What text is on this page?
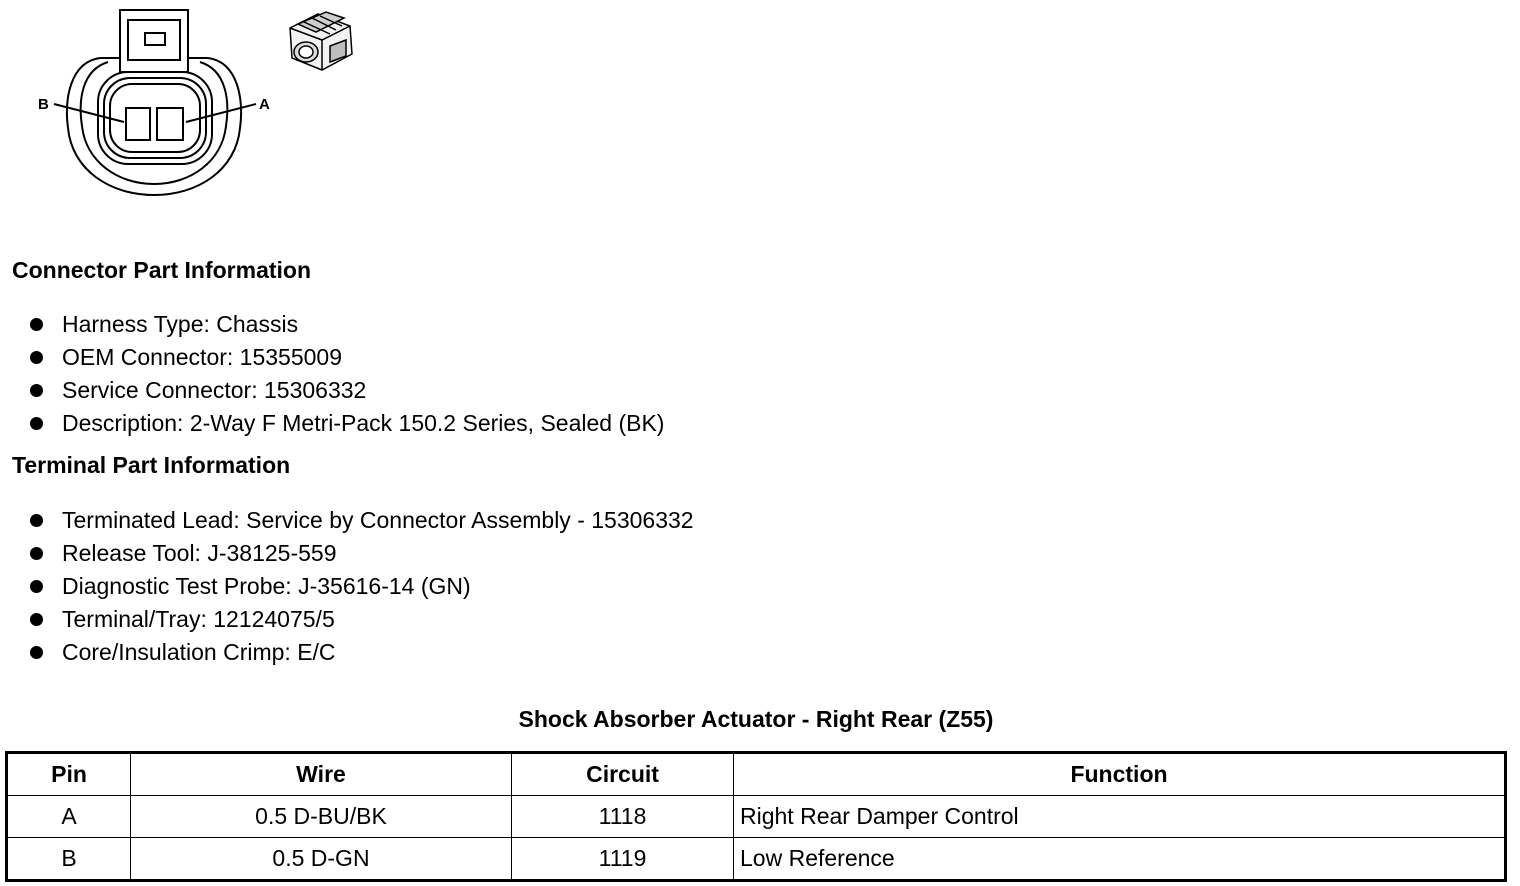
B	A
Connector Part Information
Harness Type: Chassis
OEM Connector: 15355009
Service Connector: 15306332
Description: 2-Way F Metri-Pack 150.2 Series, Sealed (BK)
Terminal Part Information
Terminated Lead: Service by Connector Assembly - 15306332
Release Tool: J-38125-559
Diagnostic Test Probe: J-35616-14 (GN)
Terminal/Tray: 12124075/5
Core/Insulation Crimp: E/C
Shock Absorber Actuator - Right Rear (Z55)
Pin	Wire	Circuit	Function
A	0.5 D-BU/BK	1118	Right Rear Damper Control
B	0.5 D-GN	1119	Low Reference
